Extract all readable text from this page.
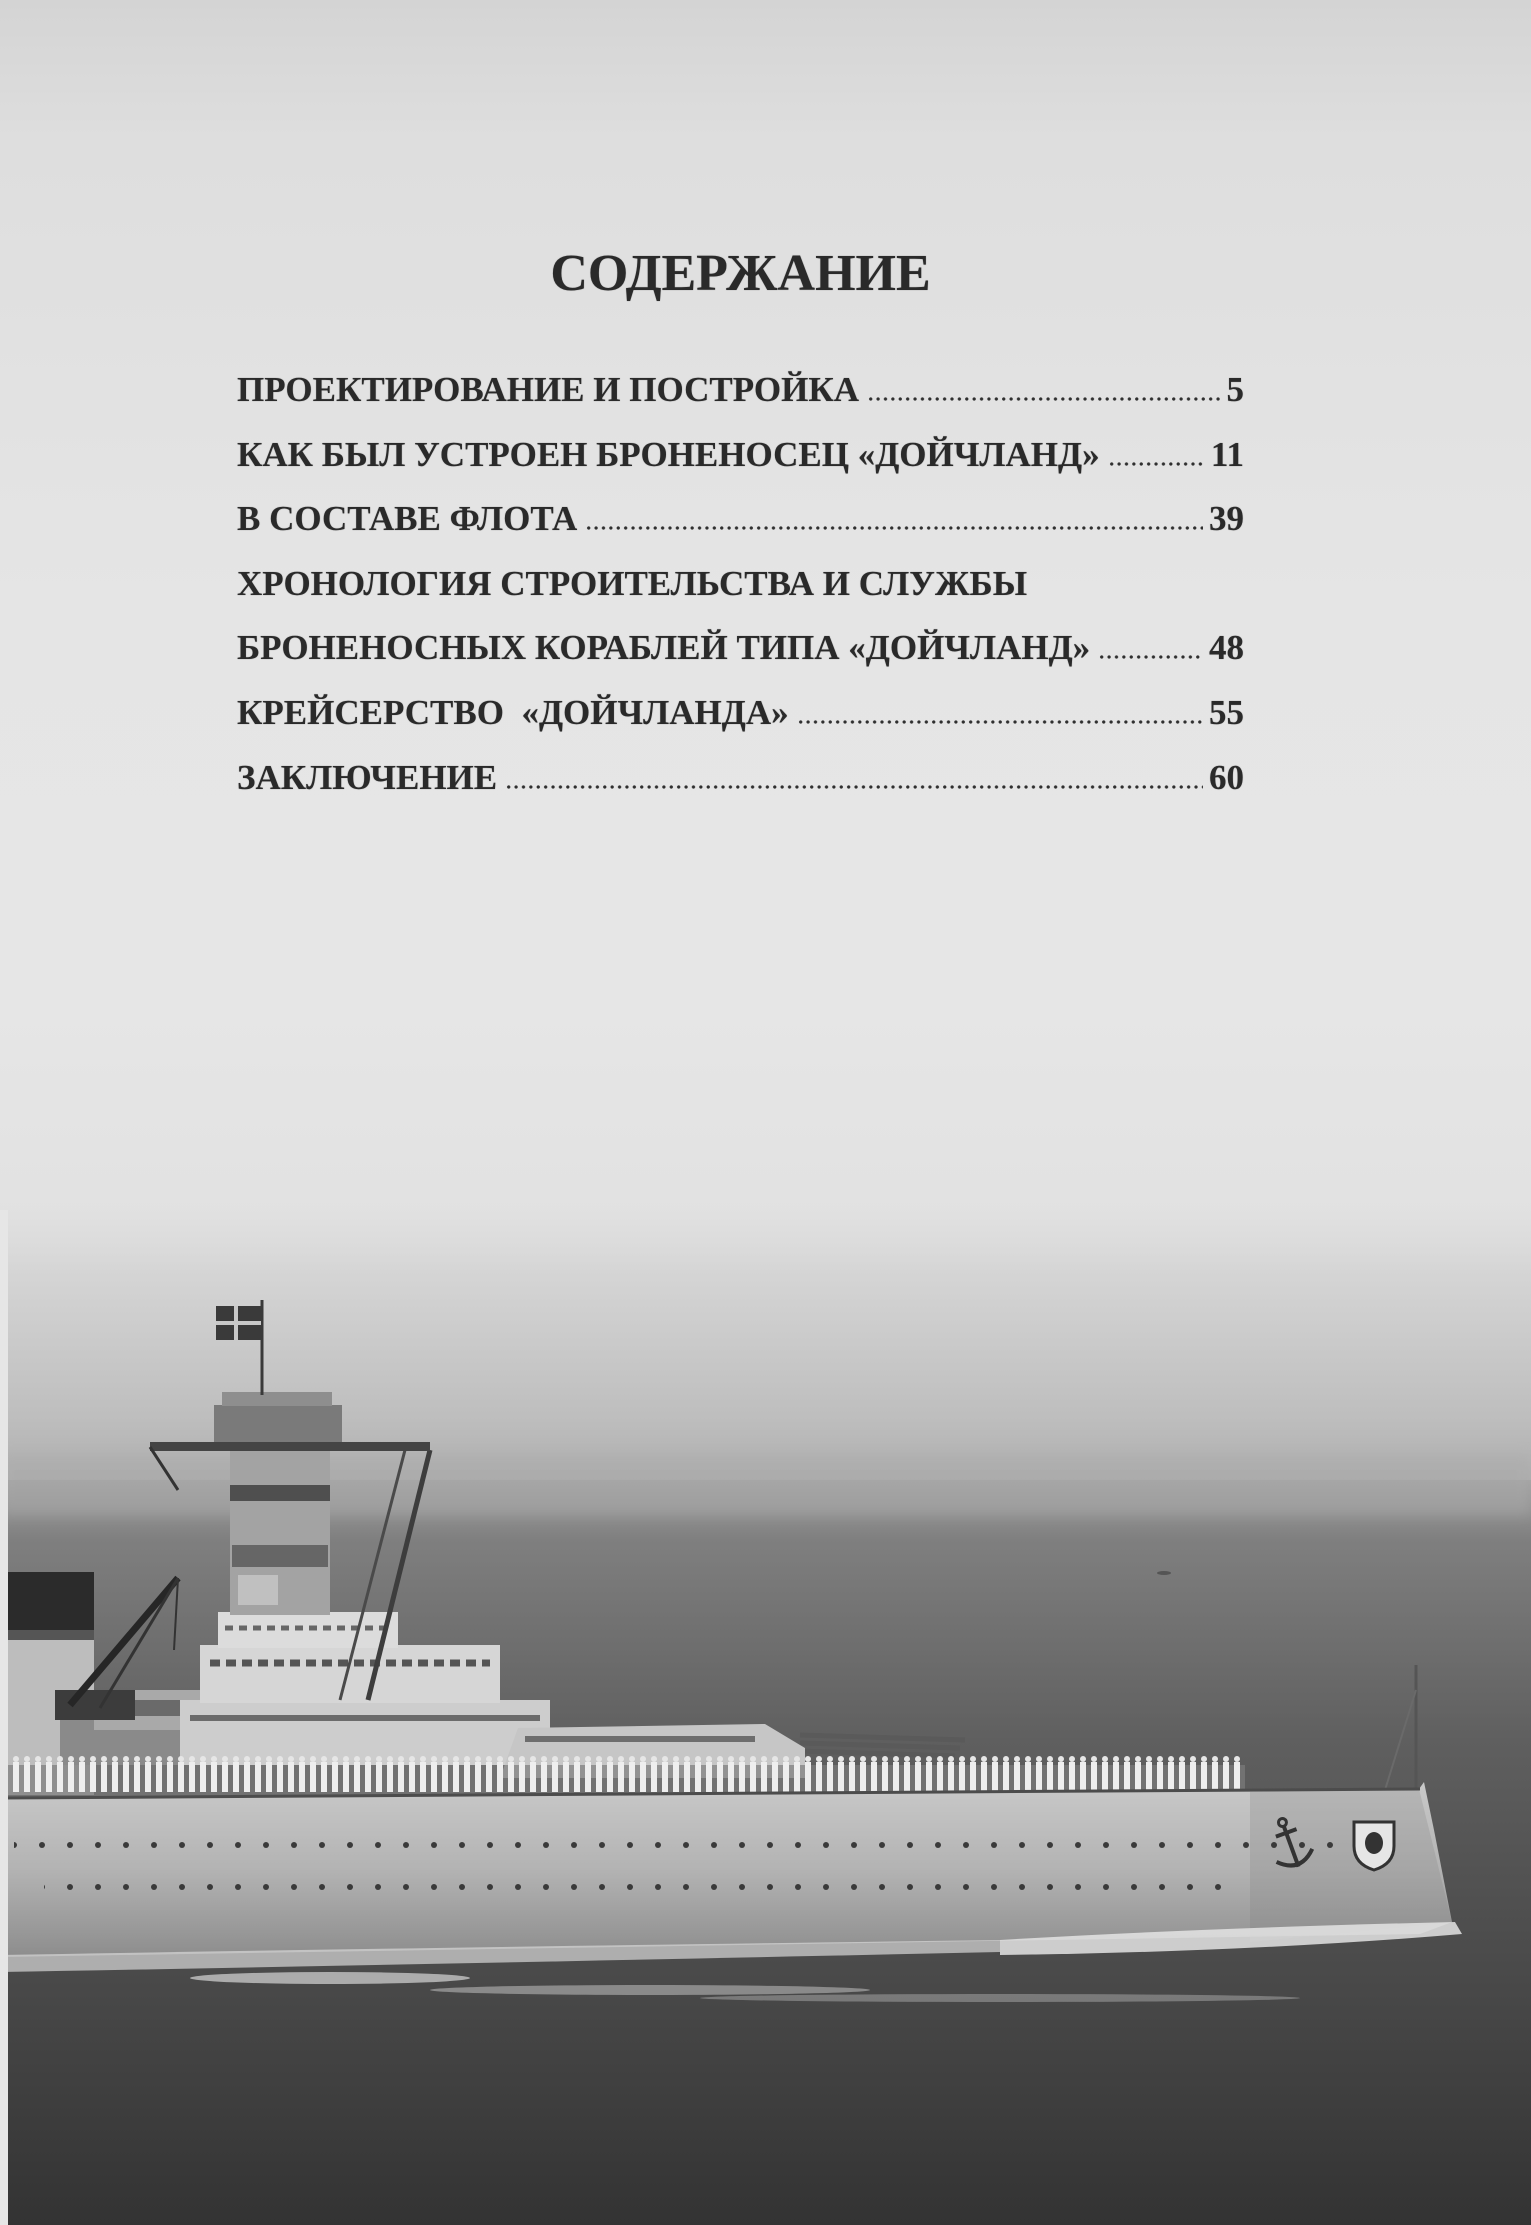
СОДЕРЖАНИЕ
ПРОЕКТИРОВАНИЕ И ПОСТРОЙКА	5
КАК БЫЛ УСТРОЕН БРОНЕНОСЕЦ «ДОЙЧЛАНД»	11
В СОСТАВЕ ФЛОТА	39
ХРОНОЛОГИЯ СТРОИТЕЛЬСТВА И СЛУЖБЫ
БРОНЕНОСНЫХ КОРАБЛЕЙ ТИПА «ДОЙЧЛАНД»	48
КРЕЙСЕРСТВО  «ДОЙЧЛАНДА»	55
ЗАКЛЮЧЕНИЕ	60
